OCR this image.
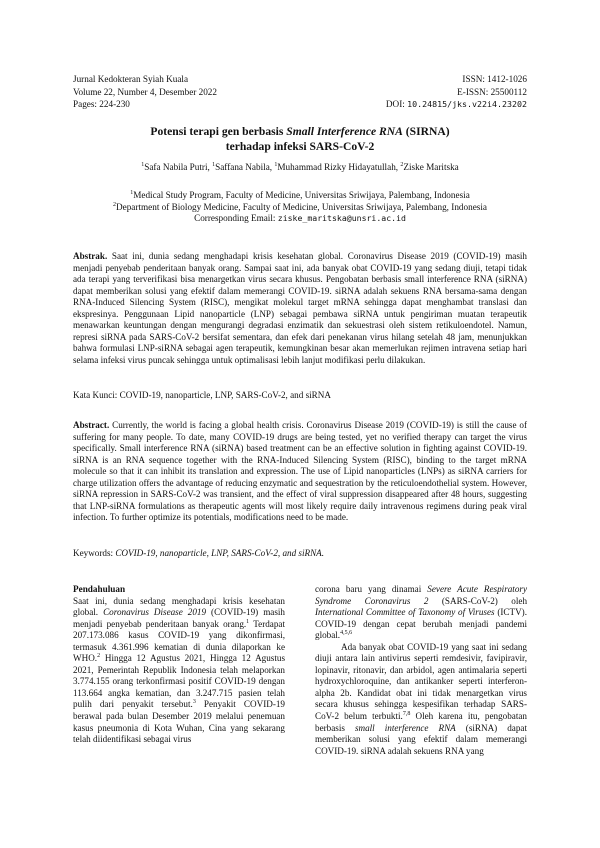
Jurnal Kedokteran Syiah Kuala
Volume 22, Number 4, Desember 2022
Pages: 224-230
ISSN: 1412-1026
E-ISSN: 25500112
DOI: 10.24815/jks.v22i4.23202
Potensi terapi gen berbasis Small Interference RNA (SIRNA)
terhadap infeksi SARS-CoV-2
$^1$Safa Nabila Putri, $^1$Saffana Nabila, $^1$Muhammad Rizky Hidayatullah, $^2$Ziske Maritska
$^1$Medical Study Program, Faculty of Medicine, Universitas Sriwijaya, Palembang, Indonesia
$^2$Department of Biology Medicine, Faculty of Medicine, Universitas Sriwijaya, Palembang, Indonesia
Corresponding Email: ziske_maritska@unsri.ac.id

Abstrak. Saat ini, dunia sedang menghadapi krisis kesehatan global. Coronavirus Disease 2019 (COVID-19) masih menjadi penyebab penderitaan banyak orang. Sampai saat ini, ada banyak obat COVID-19 yang sedang diuji, tetapi tidak ada terapi yang terverifikasi bisa menargetkan virus secara khusus. Pengobatan berbasis small interference RNA (siRNA) dapat memberikan solusi yang efektif dalam memerangi COVID-19. siRNA adalah sekuens RNA bersama-sama dengan RNA-Induced Silencing System (RISC), mengikat molekul target mRNA sehingga dapat menghambat translasi dan ekspresinya. Penggunaan Lipid nanoparticle (LNP) sebagai pembawa siRNA untuk pengiriman muatan terapeutik menawarkan keuntungan dengan mengurangi degradasi enzimatik dan sekuestrasi oleh sistem retikuloendotel. Namun, represi siRNA pada SARS-CoV-2 bersifat sementara, dan efek dari penekanan virus hilang setelah 48 jam, menunjukkan bahwa formulasi LNP-siRNA sebagai agen terapeutik, kemungkinan besar akan memerlukan rejimen intravena setiap hari selama infeksi virus puncak sehingga untuk optimalisasi lebih lanjut modifikasi perlu dilakukan.

Kata Kunci: COVID-19, nanoparticle, LNP, SARS-CoV-2, and siRNA

Abstract. Currently, the world is facing a global health crisis. Coronavirus Disease 2019 (COVID-19) is still the cause of suffering for many people. To date, many COVID-19 drugs are being tested, yet no verified therapy can target the virus specifically. Small interference RNA (siRNA) based treatment can be an effective solution in fighting against COVID-19. siRNA is an RNA sequence together with the RNA-Induced Silencing System (RISC), binding to the target mRNA molecule so that it can inhibit its translation and expression. The use of Lipid nanoparticles (LNPs) as siRNA carriers for charge utilization offers the advantage of reducing enzymatic and sequestration by the reticuloendothelial system. However, siRNA repression in SARS-CoV-2 was transient, and the effect of viral suppression disappeared after 48 hours, suggesting that LNP-siRNA formulations as therapeutic agents will most likely require daily intravenous regimens during peak viral infection. To further optimize its potentials, modifications need to be made.

Keywords: COVID-19, nanoparticle, LNP, SARS-CoV-2, and siRNA.

Pendahuluan

Saat ini, dunia sedang menghadapi krisis kesehatan global. Coronavirus Disease 2019 (COVID-19) masih menjadi penyebab penderitaan banyak orang.$^1$ Terdapat 207.173.086 kasus COVID-19 yang dikonfirmasi, termasuk 4.361.996 kematian di dunia dilaporkan ke WHO.$^2$ Hingga 12 Agustus 2021, Hingga 12 Agustus 2021, Pemerintah Republik Indonesia telah melaporkan 3.774.155 orang terkonfirmasi positif COVID-19 dengan 113.664 angka kematian, dan 3.247.715 pasien telah pulih dari penyakit tersebut.$^3$ Penyakit COVID-19 berawal pada bulan Desember 2019 melalui penemuan kasus pneumonia di Kota Wuhan, Cina yang sekarang telah diidentifikasi sebagai virus

corona baru yang dinamai Severe Acute Respiratory Syndrome Coronavirus 2 (SARS-CoV-2) oleh International Committee of Taxonomy of Viruses (ICTV). COVID-19 dengan cepat berubah menjadi pandemi global.$^{4,5,6}$

Ada banyak obat COVID-19 yang saat ini sedang diuji antara lain antivirus seperti remdesivir, favipiravir, lopinavir, ritonavir, dan arbidol, agen antimalaria seperti hydroxychloroquine, dan antikanker seperti interferon-alpha 2b. Kandidat obat ini tidak menargetkan virus secara khusus sehingga kespesifikan terhadap SARS-CoV-2 belum terbukti.$^{7,8}$ Oleh karena itu, pengobatan berbasis small interference RNA (siRNA) dapat memberikan solusi yang efektif dalam memerangi COVID-19. siRNA adalah sekuens RNA yang
